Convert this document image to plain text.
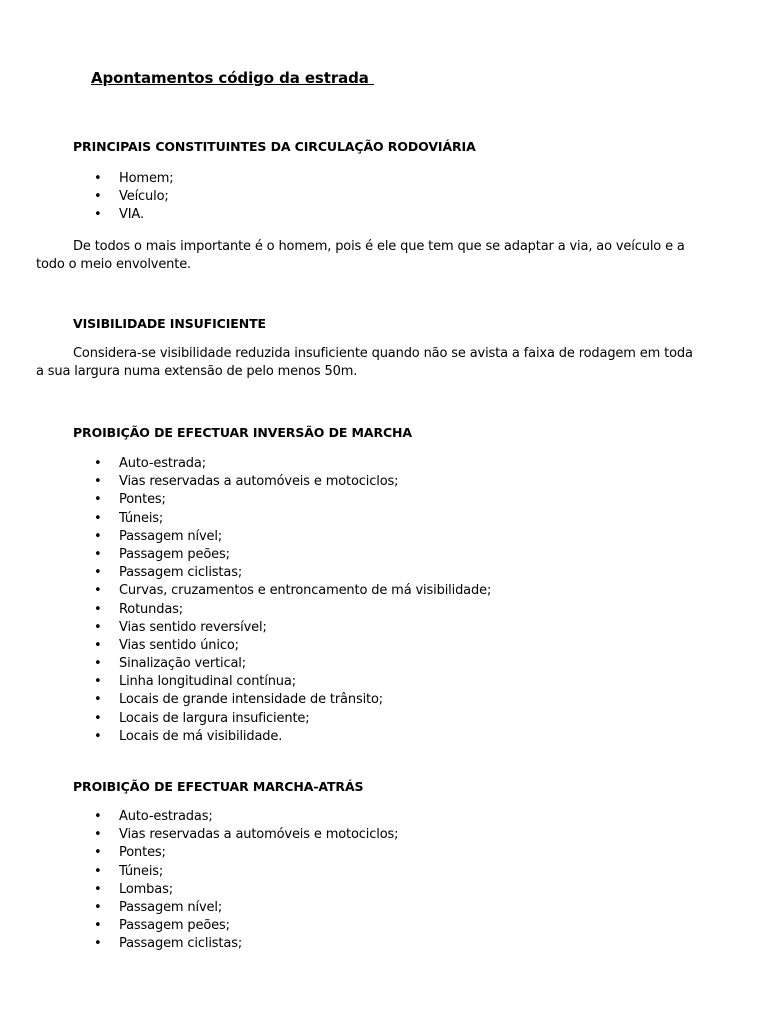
Apontamentos código da estrada
PRINCIPAIS CONSTITUINTES DA CIRCULAÇÃO RODOVIÁRIA
• Homem;
• Veículo;
• VIA.

De todos o mais importante é o homem, pois é ele que tem que se adaptar a via, ao veículo e a todo o meio envolvente.

VISIBILIDADE INSUFICIENTE

Considera-se visibilidade reduzida insuficiente quando não se avista a faixa de rodagem em toda a sua largura numa extensão de pelo menos 50m.

PROIBIÇÃO DE EFECTUAR INVERSÃO DE MARCHA
• Auto-estrada;
• Vias reservadas a automóveis e motociclos;
• Pontes;
• Túneis;
• Passagem nível;
• Passagem peões;
• Passagem ciclistas;
• Curvas, cruzamentos e entroncamento de má visibilidade;
• Rotundas;
• Vias sentido reversível;
• Vias sentido único;
• Sinalização vertical;
• Linha longitudinal contínua;
• Locais de grande intensidade de trânsito;
• Locais de largura insuficiente;
• Locais de má visibilidade.
PROIBIÇÃO DE EFECTUAR MARCHA-ATRÁS
• Auto-estradas;
• Vias reservadas a automóveis e motociclos;
• Pontes;
• Túneis;
• Lombas;
• Passagem nível;
• Passagem peões;
• Passagem ciclistas;
